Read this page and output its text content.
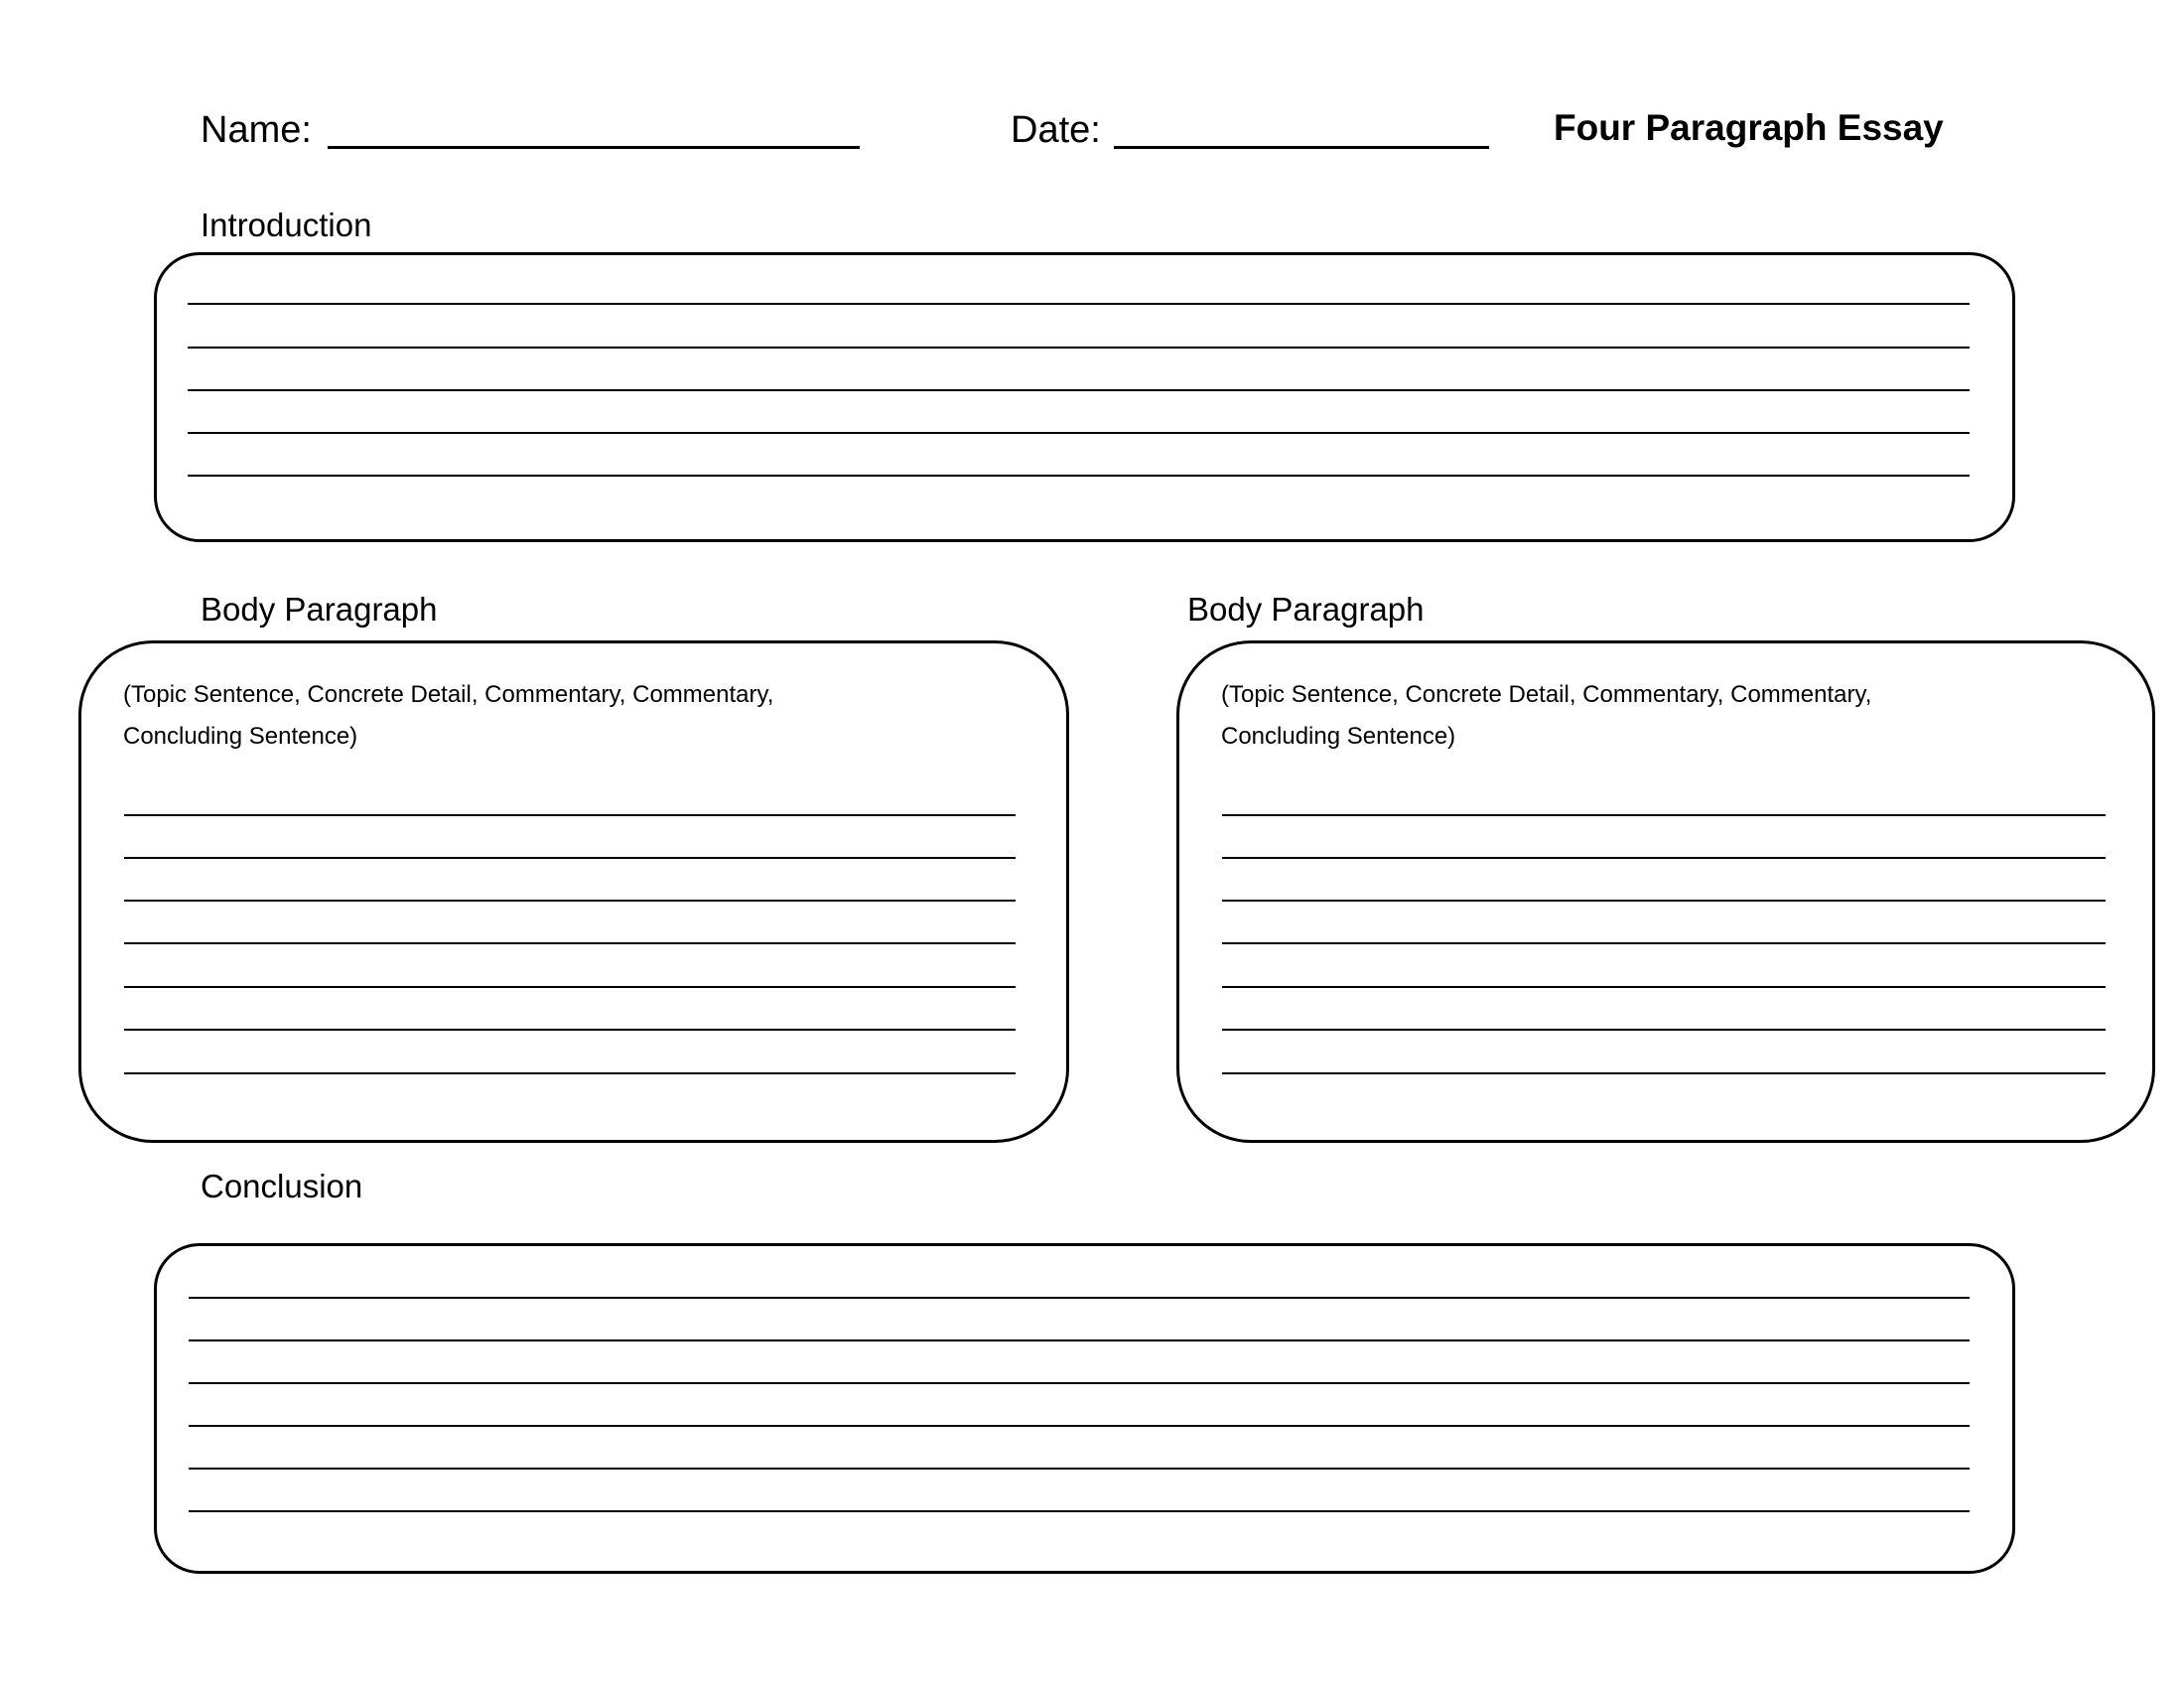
Name:	Date:	Four Paragraph Essay
Introduction
Body Paragraph
(Topic Sentence, Concrete Detail, Commentary, Commentary,
Concluding Sentence)
Body Paragraph
(Topic Sentence, Concrete Detail, Commentary, Commentary,
Concluding Sentence)
Conclusion
